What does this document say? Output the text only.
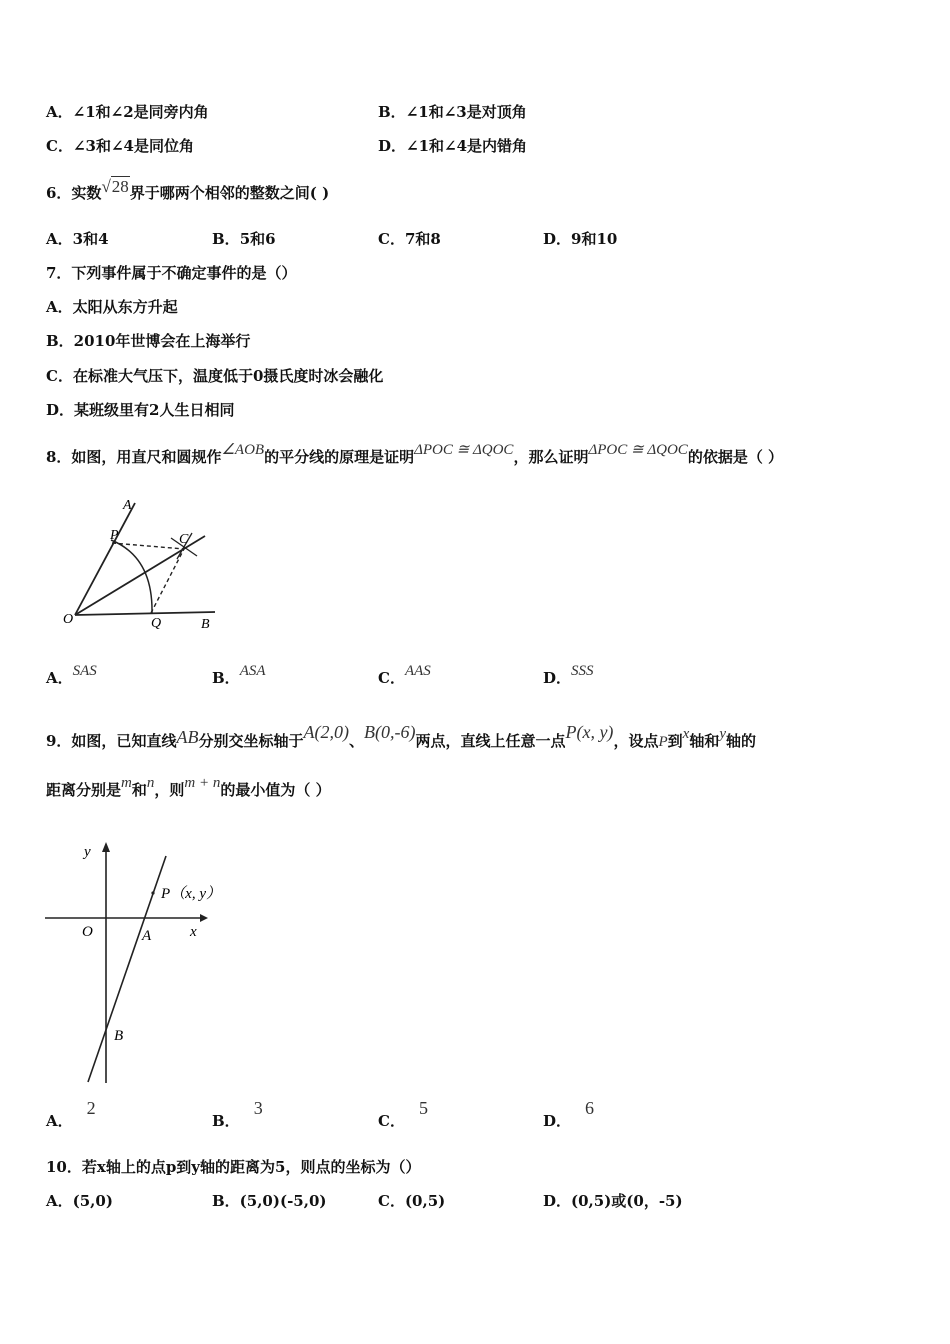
A．∠1和∠2是同旁内角	B．∠1和∠3是对顶角
C．∠3和∠4是同位角	D．∠1和∠4是内错角
6．实数√28界于哪两个相邻的整数之间( )
A．3和4	B．5和6	C．7和8	D．9和10
7．下列事件属于不确定事件的是（）
A．太阳从东方升起
B．2010年世博会在上海举行
C．在标准大气压下，温度低于0摄氏度时冰会融化
D．某班级里有2人生日相同
8．如图，用直尺和圆规作∠AOB的平分线的原理是证明ΔPOC ≅ ΔQOC，那么证明ΔPOC ≅ ΔQOC的依据是（ ）
A
P	C
O	Q	B
A．SAS	B．ASA	C．AAS	D．SSS
9．如图，已知直线AB分别交坐标轴于A(2,0)、B(0,-6)两点，直线上任意一点P(x, y)，设点P到x轴和y轴的
距离分别是m和n，则m + n的最小值为（ ）
y
x
O	A
B
P（x, y）
A．2
B．3
C．5
D．6
10．若x轴上的点p到y轴的距离为5，则点的坐标为（）
A．(5,0)	B．(5,0)(-5,0)	C．(0,5)	D．(0,5)或(0，-5)
